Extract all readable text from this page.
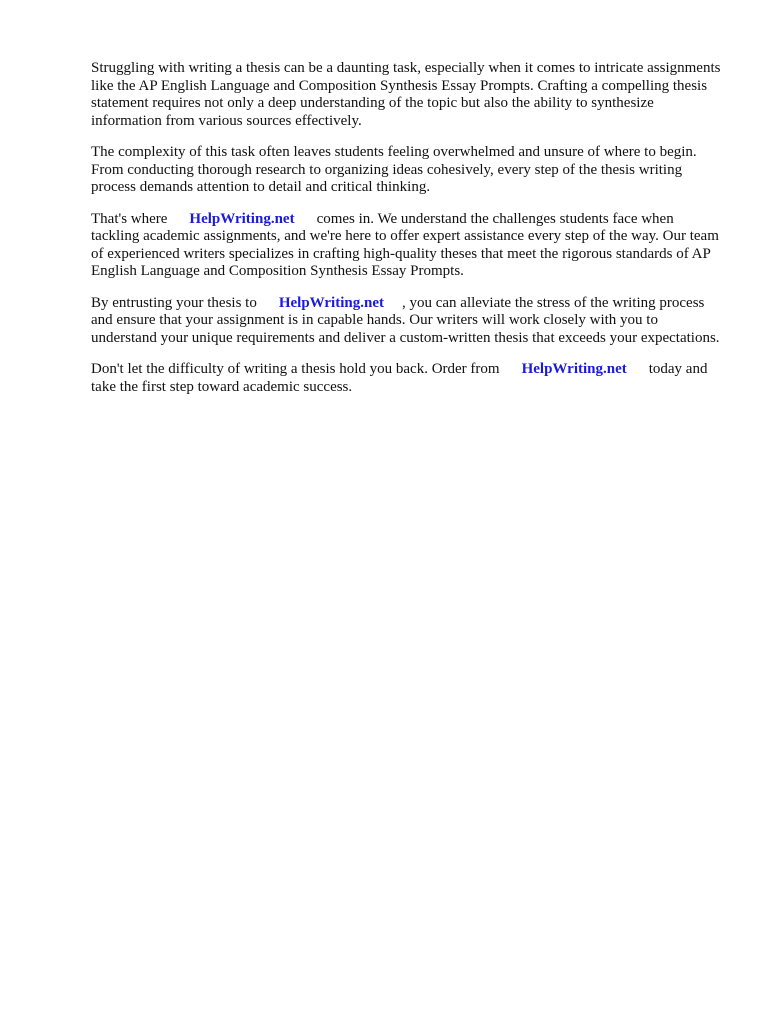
Struggling with writing a thesis can be a daunting task, especially when it comes to intricate assignments like the AP English Language and Composition Synthesis Essay Prompts. Crafting a compelling thesis statement requires not only a deep understanding of the topic but also the ability to synthesize information from various sources effectively.

The complexity of this task often leaves students feeling overwhelmed and unsure of where to begin. From conducting thorough research to organizing ideas cohesively, every step of the thesis writing process demands attention to detail and critical thinking.

That's where HelpWriting.net comes in. We understand the challenges students face when tackling academic assignments, and we're here to offer expert assistance every step of the way. Our team of experienced writers specializes in crafting high-quality theses that meet the rigorous standards of AP English Language and Composition Synthesis Essay Prompts.

By entrusting your thesis to HelpWriting.net , you can alleviate the stress of the writing process and ensure that your assignment is in capable hands. Our writers will work closely with you to understand your unique requirements and deliver a custom-written thesis that exceeds your expectations.

Don't let the difficulty of writing a thesis hold you back. Order from HelpWriting.net today and take the first step toward academic success.
